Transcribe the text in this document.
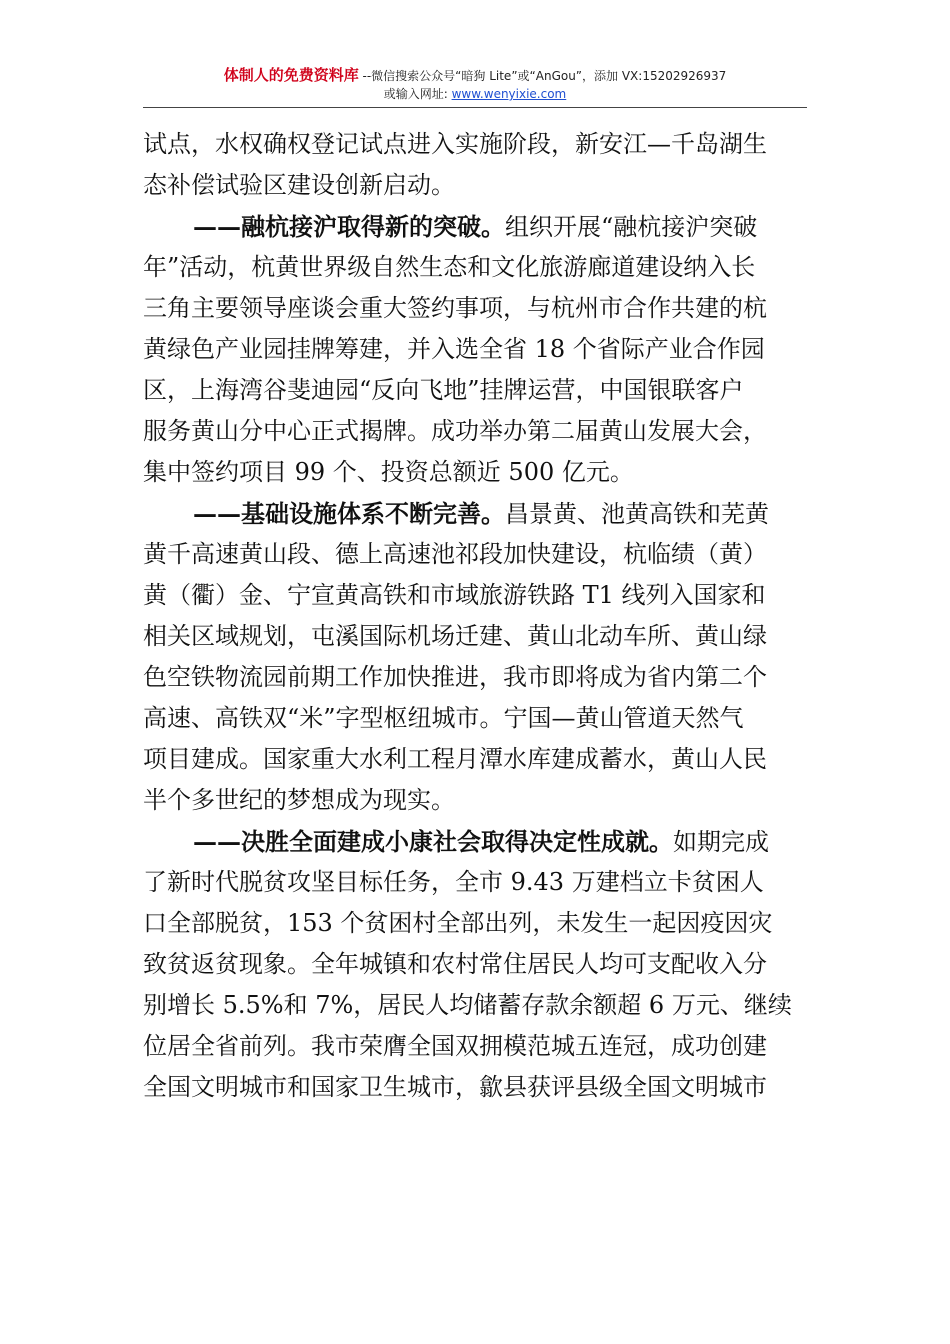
体制人的免费资料库 --微信搜索公众号“暗狗 Lite”或“AnGou”，添加 VX:15202926937
或输入网址: www.wenyixie.com
试点，水权确权登记试点进入实施阶段，新安江—千岛湖生
态补偿试验区建设创新启动。
——融杭接沪取得新的突破。组织开展“融杭接沪突破
年”活动，杭黄世界级自然生态和文化旅游廊道建设纳入长
三角主要领导座谈会重大签约事项，与杭州市合作共建的杭
黄绿色产业园挂牌筹建，并入选全省 18 个省际产业合作园
区，上海湾谷斐迪园“反向飞地”挂牌运营，中国银联客户
服务黄山分中心正式揭牌。成功举办第二届黄山发展大会，
集中签约项目 99 个、投资总额近 500 亿元。
——基础设施体系不断完善。昌景黄、池黄高铁和芜黄
黄千高速黄山段、德上高速池祁段加快建设，杭临绩（黄）
黄（衢）金、宁宣黄高铁和市域旅游铁路 T1 线列入国家和
相关区域规划，屯溪国际机场迁建、黄山北动车所、黄山绿
色空铁物流园前期工作加快推进，我市即将成为省内第二个
高速、高铁双“米”字型枢纽城市。宁国—黄山管道天然气
项目建成。国家重大水利工程月潭水库建成蓄水，黄山人民
半个多世纪的梦想成为现实。
——决胜全面建成小康社会取得决定性成就。如期完成
了新时代脱贫攻坚目标任务，全市 9.43 万建档立卡贫困人
口全部脱贫，153 个贫困村全部出列，未发生一起因疫因灾
致贫返贫现象。全年城镇和农村常住居民人均可支配收入分
别增长 5.5%和 7%，居民人均储蓄存款余额超 6 万元、继续
位居全省前列。我市荣膺全国双拥模范城五连冠，成功创建
全国文明城市和国家卫生城市，歙县获评县级全国文明城市
